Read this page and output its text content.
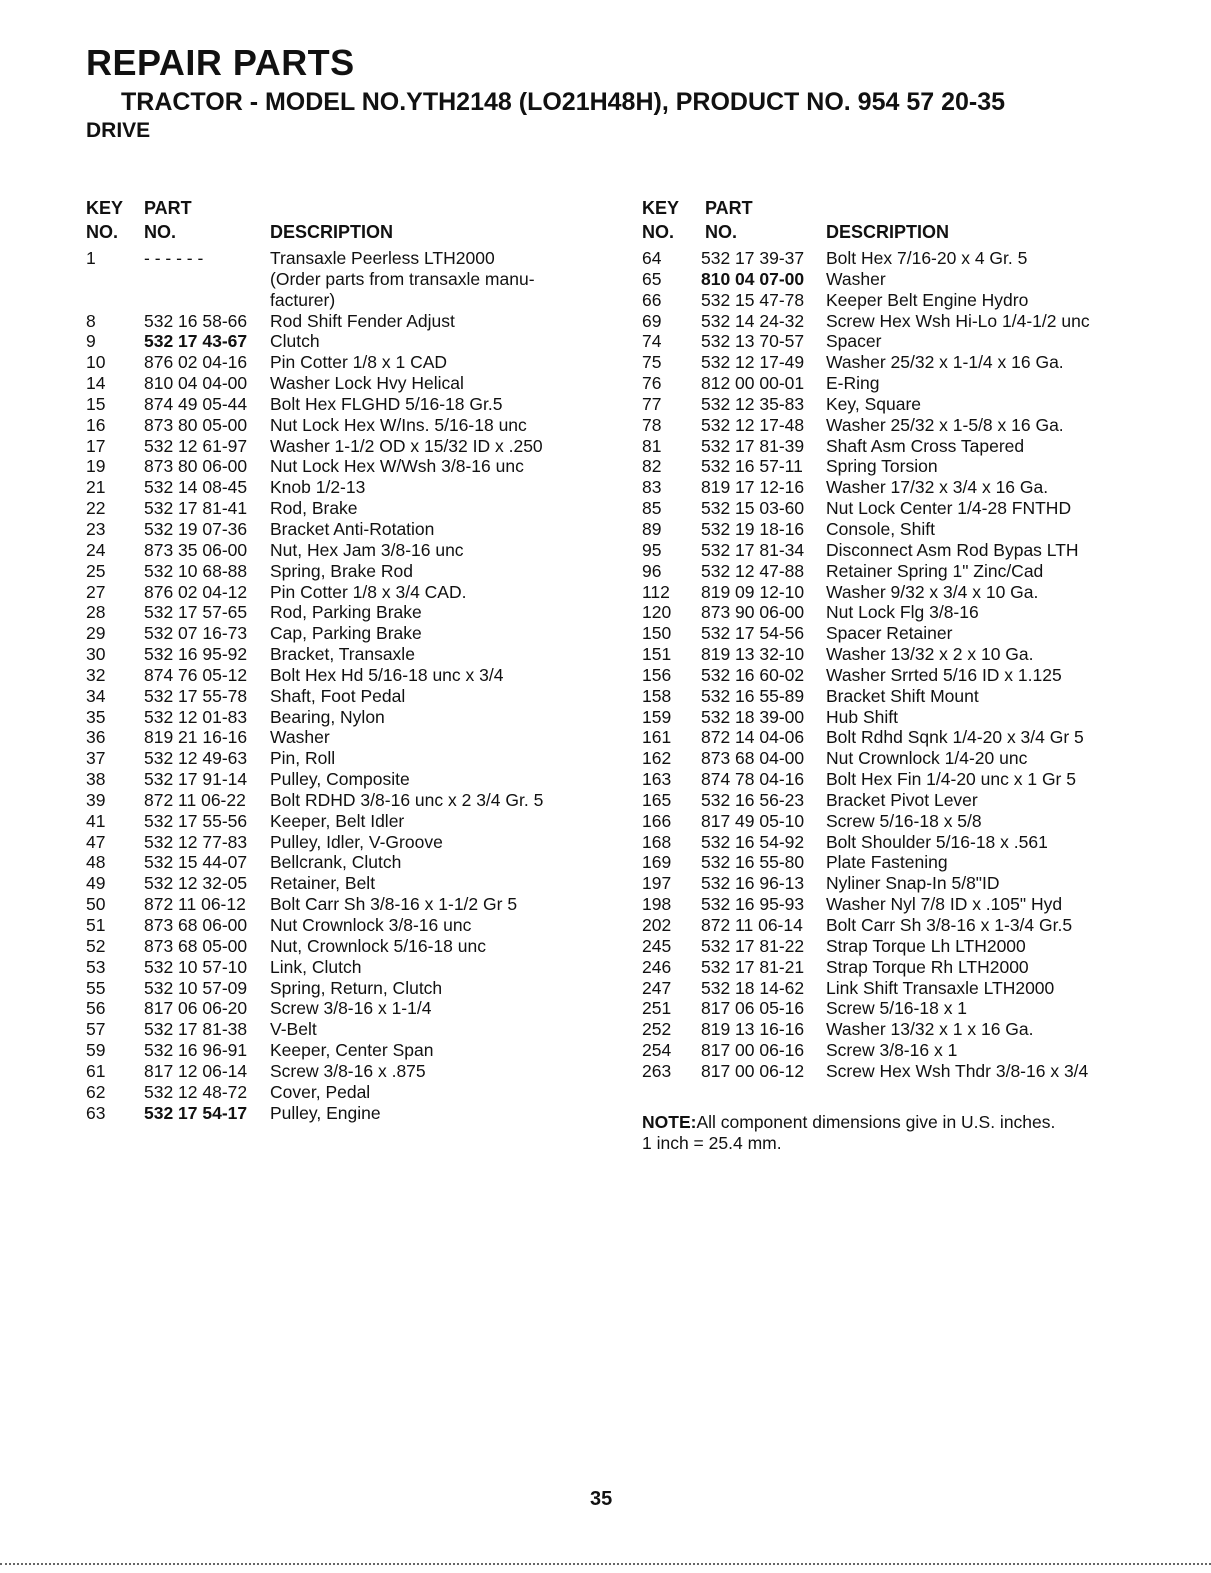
REPAIR PARTS
TRACTOR - MODEL NO.YTH2148 (LO21H48H), PRODUCT NO. 954 57 20-35
DRIVE
KEY
NO.
PART
NO.	DESCRIPTION
1	- - - - - -	Transaxle Peerless LTH2000
(Order parts from transaxle manu-
facturer)
8	532 16 58-66 Rod Shift Fender Adjust
9	532 17 43-67 Clutch
10 876 02 04-16 Pin Cotter 1/8 x 1 CAD
14 810 04 04-00 Washer Lock Hvy Helical
15 874 49 05-44 Bolt Hex FLGHD 5/16-18 Gr.5
16 873 80 05-00 Nut Lock Hex W/Ins. 5/16-18 unc
17 532 12 61-97 Washer 1-1/2 OD x 15/32 ID x .250
19 873 80 06-00 Nut Lock Hex W/Wsh 3/8-16 unc
21 532 14 08-45 Knob 1/2-13
22 532 17 81-41 Rod, Brake
23 532 19 07-36 Bracket Anti-Rotation
24 873 35 06-00 Nut, Hex Jam 3/8-16 unc
25 532 10 68-88 Spring, Brake Rod
27 876 02 04-12 Pin Cotter 1/8 x 3/4 CAD.
28 532 17 57-65 Rod, Parking Brake
29 532 07 16-73 Cap, Parking Brake
30 532 16 95-92 Bracket, Transaxle
32 874 76 05-12 Bolt Hex Hd 5/16-18 unc x 3/4
34 532 17 55-78 Shaft, Foot Pedal
35 532 12 01-83 Bearing, Nylon
36 819 21 16-16 Washer
37 532 12 49-63 Pin, Roll
38 532 17 91-14 Pulley, Composite
39 872 11 06-22 Bolt RDHD 3/8-16 unc x 2 3/4 Gr. 5
41 532 17 55-56 Keeper, Belt Idler
47 532 12 77-83 Pulley, Idler, V-Groove
48 532 15 44-07 Bellcrank, Clutch
49 532 12 32-05 Retainer, Belt
50 872 11 06-12 Bolt Carr Sh 3/8-16 x 1-1/2 Gr 5
51 873 68 06-00 Nut Crownlock 3/8-16 unc
52 873 68 05-00 Nut, Crownlock 5/16-18 unc
53 532 10 57-10 Link, Clutch
55 532 10 57-09 Spring, Return, Clutch
56 817 06 06-20 Screw 3/8-16 x 1-1/4
57 532 17 81-38 V-Belt
59 532 16 96-91 Keeper, Center Span
61 817 12 06-14 Screw 3/8-16 x .875
62 532 12 48-72 Cover, Pedal
63 532 17 54-17 Pulley, Engine
KEY
NO.
PART
NO.	DESCRIPTION
64 532 17 39-37 Bolt Hex 7/16-20 x 4 Gr. 5
65 810 04 07-00 Washer
66 532 15 47-78 Keeper Belt Engine Hydro
69 532 14 24-32 Screw Hex Wsh Hi-Lo 1/4-1/2 unc
74 532 13 70-57 Spacer
75 532 12 17-49 Washer 25/32 x 1-1/4 x 16 Ga.
76 812 00 00-01 E-Ring
77 532 12 35-83 Key, Square
78 532 12 17-48 Washer 25/32 x 1-5/8 x 16 Ga.
81 532 17 81-39 Shaft Asm Cross Tapered
82 532 16 57-11 Spring Torsion
83 819 17 12-16 Washer 17/32 x 3/4 x 16 Ga.
85 532 15 03-60 Nut Lock Center 1/4-28 FNTHD
89 532 19 18-16 Console, Shift
95 532 17 81-34 Disconnect Asm Rod Bypas LTH
96 532 12 47-88 Retainer Spring 1" Zinc/Cad
112 819 09 12-10 Washer 9/32 x 3/4 x 10 Ga.
120 873 90 06-00 Nut Lock Flg 3/8-16
150 532 17 54-56 Spacer Retainer
151 819 13 32-10 Washer 13/32 x 2 x 10 Ga.
156 532 16 60-02 Washer Srrted 5/16 ID x 1.125
158 532 16 55-89 Bracket Shift Mount
159 532 18 39-00 Hub Shift
161 872 14 04-06 Bolt Rdhd Sqnk 1/4-20 x 3/4 Gr 5
162 873 68 04-00 Nut Crownlock 1/4-20 unc
163 874 78 04-16 Bolt Hex Fin 1/4-20 unc x 1 Gr 5
165 532 16 56-23 Bracket Pivot Lever
166 817 49 05-10 Screw 5/16-18 x 5/8
168 532 16 54-92 Bolt Shoulder 5/16-18 x .561
169 532 16 55-80 Plate Fastening
197 532 16 96-13 Nyliner Snap-In 5/8"ID
198 532 16 95-93 Washer Nyl 7/8 ID x .105" Hyd
202 872 11 06-14 Bolt Carr Sh 3/8-16 x 1-3/4 Gr.5
245 532 17 81-22 Strap Torque Lh LTH2000
246 532 17 81-21 Strap Torque Rh LTH2000
247 532 18 14-62 Link Shift Transaxle LTH2000
251 817 06 05-16 Screw 5/16-18 x 1
252 819 13 16-16 Washer 13/32 x 1 x 16 Ga.
254 817 00 06-16 Screw 3/8-16 x 1
263 817 00 06-12 Screw Hex Wsh Thdr 3/8-16 x 3/4
NOTE:All component dimensions give in U.S. inches.
1 inch = 25.4 mm.
35
